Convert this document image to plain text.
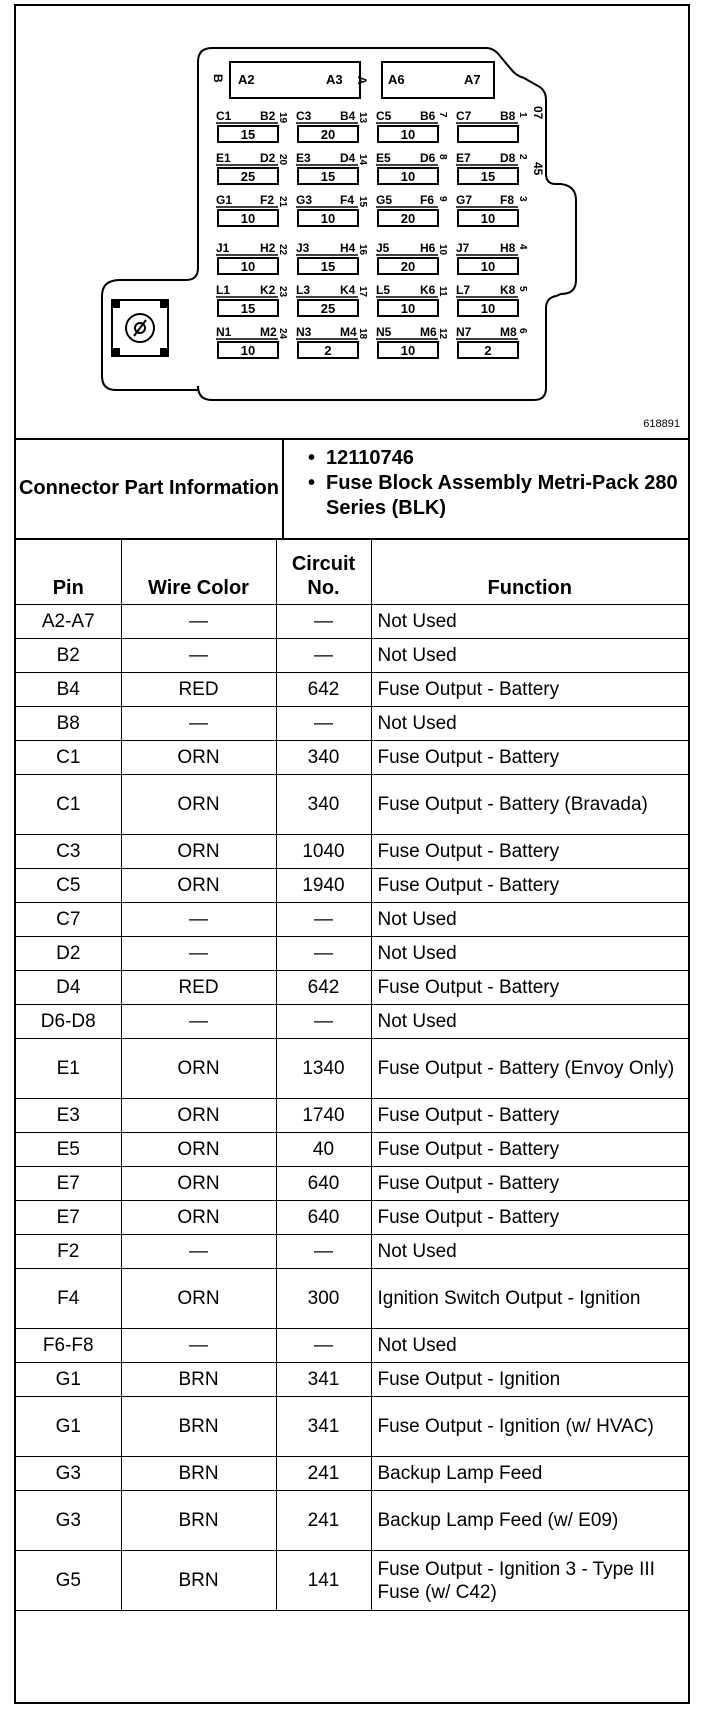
B A2	A3 A A6	A7
C1 B2 19
15
C3 B4 13
20
C5 B6 7
10
C7 B8 1
E1 D2 20
25
E3 D4 14
15
E5 D6 8
10
E7 D8 2
15
G1 F2 21
10
G3 F4 15
10
G5 F6 9
20
G7 F8 3
10
J1	H2 22
10
J3	H4 16
15
J5	H6 10
20
J7	H8 4
10
L1 K2 23
15
L3 K4 17
25
L5 K6 11
10
L7 K8 5
10
N1 M2 24
10
N3 M4 18
2
N5 M6 12
10
N7 M8 6
2
07
45
618891
Connector Part Information
• 12110746
• Fuse Block Assembly Metri-Pack 280 Series (BLK)
Pin	Wire Color	Circuit No.	Function
A2-A7	—	—	Not Used
B2	—	—	Not Used
B4	RED	642	Fuse Output - Battery
B8	—	—	Not Used
C1	ORN	340	Fuse Output - Battery
C1	ORN	340	Fuse Output - Battery (Bravada)
C3	ORN	1040	Fuse Output - Battery
C5	ORN	1940	Fuse Output - Battery
C7	—	—	Not Used
D2	—	—	Not Used
D4	RED	642	Fuse Output - Battery
D6-D8	—	—	Not Used
E1	ORN	1340	Fuse Output - Battery (Envoy Only)
E3	ORN	1740	Fuse Output - Battery
E5	ORN	40	Fuse Output - Battery
E7	ORN	640	Fuse Output - Battery
E7	ORN	640	Fuse Output - Battery
F2	—	—	Not Used
F4	ORN	300	Ignition Switch Output - Ignition
F6-F8	—	—	Not Used
G1	BRN	341	Fuse Output - Ignition
G1	BRN	341	Fuse Output - Ignition (w/ HVAC)
G3	BRN	241	Backup Lamp Feed
G3	BRN	241	Backup Lamp Feed (w/ E09)
G5	BRN	141	Fuse Output - Ignition 3 - Type III Fuse (w/ C42)
